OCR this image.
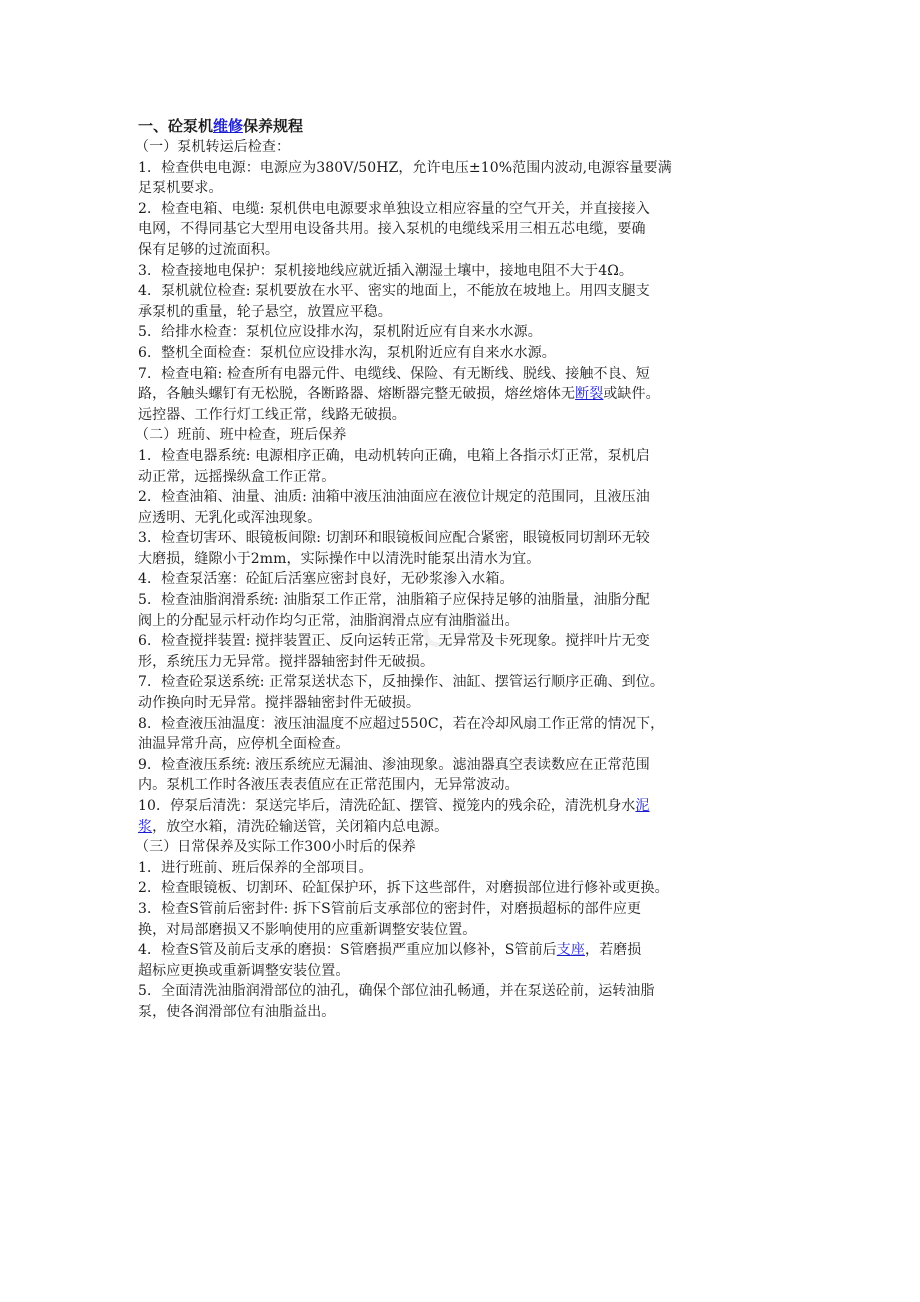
.cn
一、砼泵机维修保养规程
（一）泵机转运后检查：
1．检查供电电源：电源应为380V/50HZ，允许电压±10%范围内波动,电源容量要满
足泵机要求。
2．检查电箱、电缆: 泵机供电电源要求单独设立相应容量的空气开关，并直接接入
电网，不得同基它大型用电设备共用。接入泵机的电缆线采用三相五芯电缆，要确
保有足够的过流面积。
3．检查接地电保护：泵机接地线应就近插入潮湿土壤中，接地电阻不大于4Ω。
4．泵机就位检查: 泵机要放在水平、密实的地面上，不能放在坡地上。用四支腿支
承泵机的重量，轮子悬空，放置应平稳。
5．给排水检查：泵机位应设排水沟，泵机附近应有自来水水源。
6．整机全面检查：泵机位应设排水沟，泵机附近应有自来水水源。
7．检查电箱: 检查所有电器元件、电缆线、保险、有无断线、脱线、接触不良、短
路，各触头螺钉有无松脱，各断路器、熔断器完整无破损，熔丝熔体无断裂或缺件。
远控器、工作行灯工线正常，线路无破损。
（二）班前、班中检查，班后保养
1．检查电器系统: 电源相序正确，电动机转向正确，电箱上各指示灯正常，泵机启
动正常，远摇操纵盒工作正常。
2．检查油箱、油量、油质: 油箱中液压油油面应在液位计规定的范围同，且液压油
应透明、无乳化或浑浊现象。
3．检查切害环、眼镜板间隙: 切割环和眼镜板间应配合紧密，眼镜板同切割环无较
大磨损，缝隙小于2mm，实际操作中以清洗时能泵出清水为宜。
4．检查泵活塞：砼缸后活塞应密封良好，无砂浆渗入水箱。
5．检查油脂润滑系统: 油脂泵工作正常，油脂箱子应保持足够的油脂量，油脂分配
阀上的分配显示杆动作均匀正常，油脂润滑点应有油脂溢出。
6．检查搅拌装置: 搅拌装置正、反向运转正常，无异常及卡死现象。搅拌叶片无变
形，系统压力无异常。搅拌器轴密封件无破损。
7．检查砼泵送系统: 正常泵送状态下，反抽操作、油缸、摆管运行顺序正确、到位。
动作换向时无异常。搅拌器轴密封件无破损。
8．检查液压油温度：液压油温度不应超过550C，若在冷却风扇工作正常的情况下，
油温异常升高，应停机全面检查。
9．检查液压系统: 液压系统应无漏油、渗油现象。滤油器真空表读数应在正常范围
内。泵机工作时各液压表表值应在正常范围内，无异常波动。
10．停泵后清洗：泵送完毕后，清洗砼缸、摆管、搅笼内的残余砼，清洗机身水泥
浆，放空水箱，清洗砼输送管，关闭箱内总电源。
（三）日常保养及实际工作300小时后的保养
1．进行班前、班后保养的全部项目。
2．检查眼镜板、切割环、砼缸保护环，拆下这些部件，对磨损部位进行修补或更换。
3．检查S管前后密封件: 拆下S管前后支承部位的密封件，对磨损超标的部件应更
换，对局部磨损又不影响使用的应重新调整安装位置。
4．检查S管及前后支承的磨损：S管磨损严重应加以修补，S管前后支座，若磨损
超标应更换或重新调整安装位置。
5．全面清洗油脂润滑部位的油孔，确保个部位油孔畅通，并在泵送砼前，运转油脂
泵，使各润滑部位有油脂益出。
